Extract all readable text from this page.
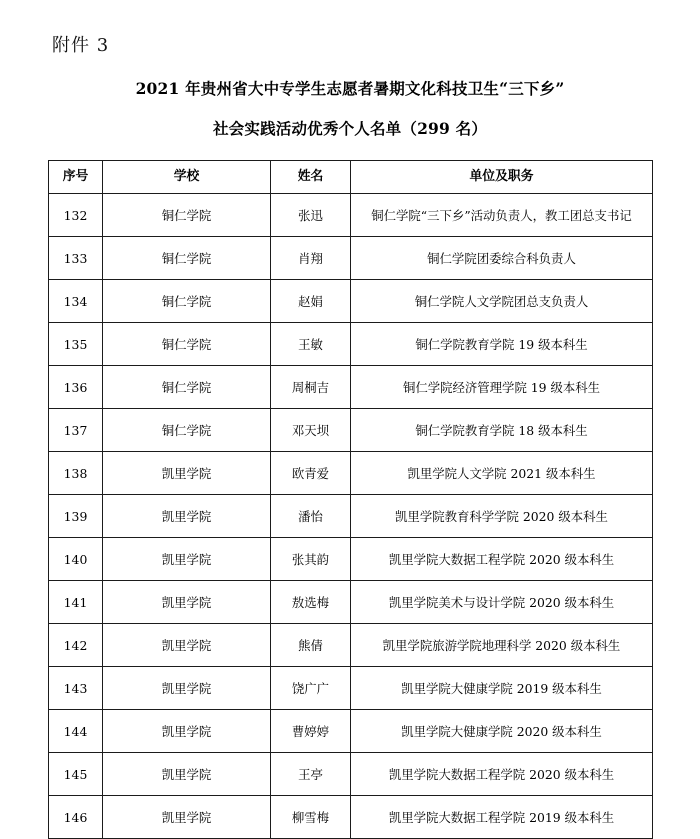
附件 3
2021 年贵州省大中专学生志愿者暑期文化科技卫生“三下乡”
社会实践活动优秀个人名单（299 名）
序号	学校	姓名	单位及职务
132	铜仁学院	张迅	铜仁学院“三下乡”活动负责人，教工团总支书记
133	铜仁学院	肖翔	铜仁学院团委综合科负责人
134	铜仁学院	赵娟	铜仁学院人文学院团总支负责人
135	铜仁学院	王敏	铜仁学院教育学院 19 级本科生
136	铜仁学院	周桐吉	铜仁学院经济管理学院 19 级本科生
137	铜仁学院	邓天坝	铜仁学院教育学院 18 级本科生
138	凯里学院	欧青爱	凯里学院人文学院 2021 级本科生
139	凯里学院	潘怡	凯里学院教育科学学院 2020 级本科生
140	凯里学院	张其韵	凯里学院大数据工程学院 2020 级本科生
141	凯里学院	敖选梅	凯里学院美术与设计学院 2020 级本科生
142	凯里学院	熊倩	凯里学院旅游学院地理科学 2020 级本科生
143	凯里学院	饶广广	凯里学院大健康学院 2019 级本科生
144	凯里学院	曹婷婷	凯里学院大健康学院 2020 级本科生
145	凯里学院	王亭	凯里学院大数据工程学院 2020 级本科生
146	凯里学院	柳雪梅	凯里学院大数据工程学院 2019 级本科生
